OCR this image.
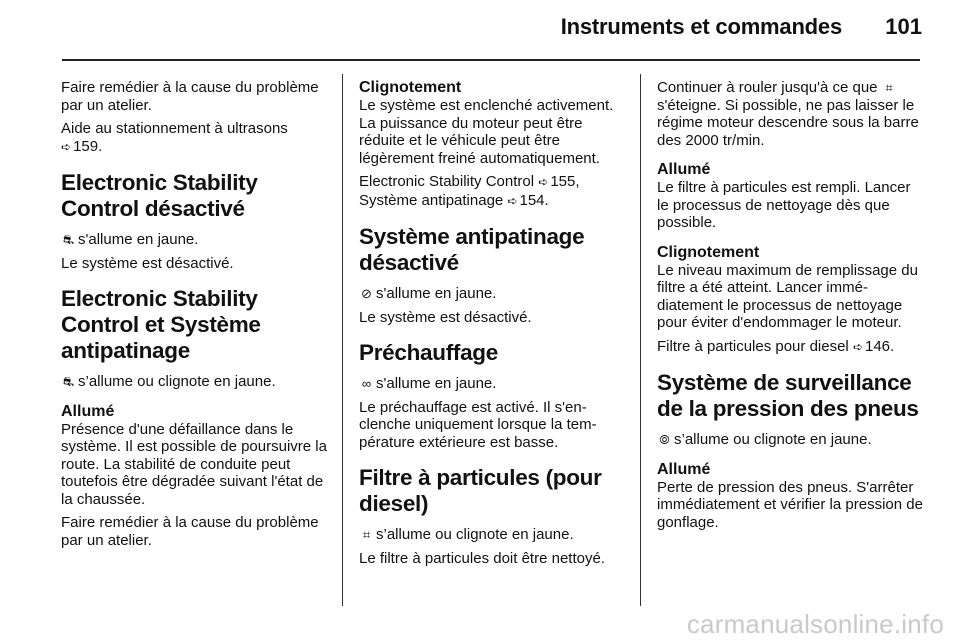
Instruments et commandes 101

Faire remédier à la cause du problème par un atelier.

Aide au stationnement à ultrasons
➪ 159.

Electronic Stability Control désactivé

⛐ s'allume en jaune.

Le système est désactivé.

Electronic Stability Control et Système antipatinage

⛐ s’allume ou clignote en jaune.

Allumé

Présence d'une défaillance dans le système. Il est possible de poursuivre la route. La stabilité de conduite peut toutefois être dégradée suivant l'état de la chaussée.

Faire remédier à la cause du problème par un atelier.

Clignotement

Le système est enclenché activement. La puissance du moteur peut être réduite et le véhicule peut être légèrement freiné automatiquement.

Electronic Stability Control ➪ 155,
Système antipatinage ➪ 154.

Système antipatinage désactivé

⊘ s'allume en jaune.

Le système est désactivé.

Préchauffage

∞ s'allume en jaune.

Le préchauffage est activé. Il s'enclenche uniquement lorsque la température extérieure est basse.

Filtre à particules (pour diesel)

⌗ s’allume ou clignote en jaune.

Le filtre à particules doit être nettoyé.

Continuer à rouler jusqu'à ce que ⌗ s'éteigne. Si possible, ne pas laisser le régime moteur descendre sous la barre des 2000 tr/min.

Allumé

Le filtre à particules est rempli. Lancer le processus de nettoyage dès que possible.

Clignotement

Le niveau maximum de remplissage du filtre a été atteint. Lancer immédiatement le processus de nettoyage pour éviter d'endommager le moteur.

Filtre à particules pour diesel ➪ 146.

Système de surveillance de la pression des pneus

⦾ s’allume ou clignote en jaune.

Allumé

Perte de pression des pneus. S'arrêter immédiatement et vérifier la pression de gonflage.

carmanualsonline.info
